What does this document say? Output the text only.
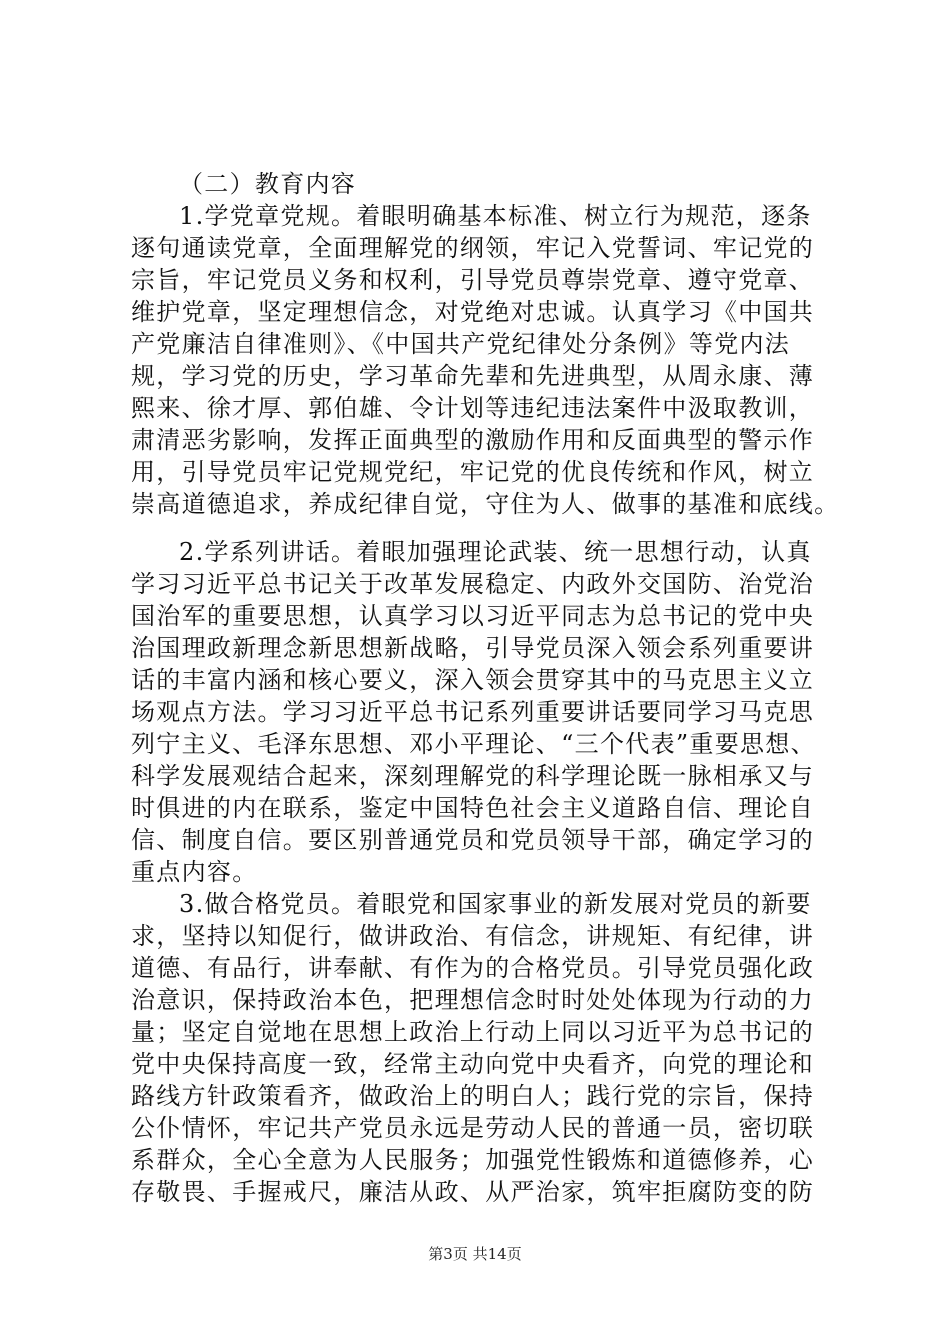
（二）教育内容
1.学党章党规。着眼明确基本标准、树立行为规范，逐条
逐句通读党章，全面理解党的纲领，牢记入党誓词、牢记党的
宗旨，牢记党员义务和权利，引导党员尊崇党章、遵守党章、
维护党章，坚定理想信念，对党绝对忠诚。认真学习《中国共
产党廉洁自律准则》、《中国共产党纪律处分条例》等党内法
规，学习党的历史，学习革命先辈和先进典型，从周永康、薄
熙来、徐才厚、郭伯雄、令计划等违纪违法案件中汲取教训，
肃清恶劣影响，发挥正面典型的激励作用和反面典型的警示作
用，引导党员牢记党规党纪，牢记党的优良传统和作风，树立
崇高道德追求，养成纪律自觉，守住为人、做事的基准和底线。
2.学系列讲话。着眼加强理论武装、统一思想行动，认真
学习习近平总书记关于改革发展稳定、内政外交国防、治党治
国治军的重要思想，认真学习以习近平同志为总书记的党中央
治国理政新理念新思想新战略，引导党员深入领会系列重要讲
话的丰富内涵和核心要义，深入领会贯穿其中的马克思主义立
场观点方法。学习习近平总书记系列重要讲话要同学习马克思
列宁主义、毛泽东思想、邓小平理论、“三个代表”重要思想、
科学发展观结合起来，深刻理解党的科学理论既一脉相承又与
时俱进的内在联系，鉴定中国特色社会主义道路自信、理论自
信、制度自信。要区别普通党员和党员领导干部，确定学习的
重点内容。
3.做合格党员。着眼党和国家事业的新发展对党员的新要
求，坚持以知促行，做讲政治、有信念，讲规矩、有纪律，讲
道德、有品行，讲奉献、有作为的合格党员。引导党员强化政
治意识，保持政治本色，把理想信念时时处处体现为行动的力
量；坚定自觉地在思想上政治上行动上同以习近平为总书记的
党中央保持高度一致，经常主动向党中央看齐，向党的理论和
路线方针政策看齐，做政治上的明白人；践行党的宗旨，保持
公仆情怀，牢记共产党员永远是劳动人民的普通一员，密切联
系群众，全心全意为人民服务；加强党性锻炼和道德修养，心
存敬畏、手握戒尺，廉洁从政、从严治家，筑牢拒腐防变的防
第3页 共14页
